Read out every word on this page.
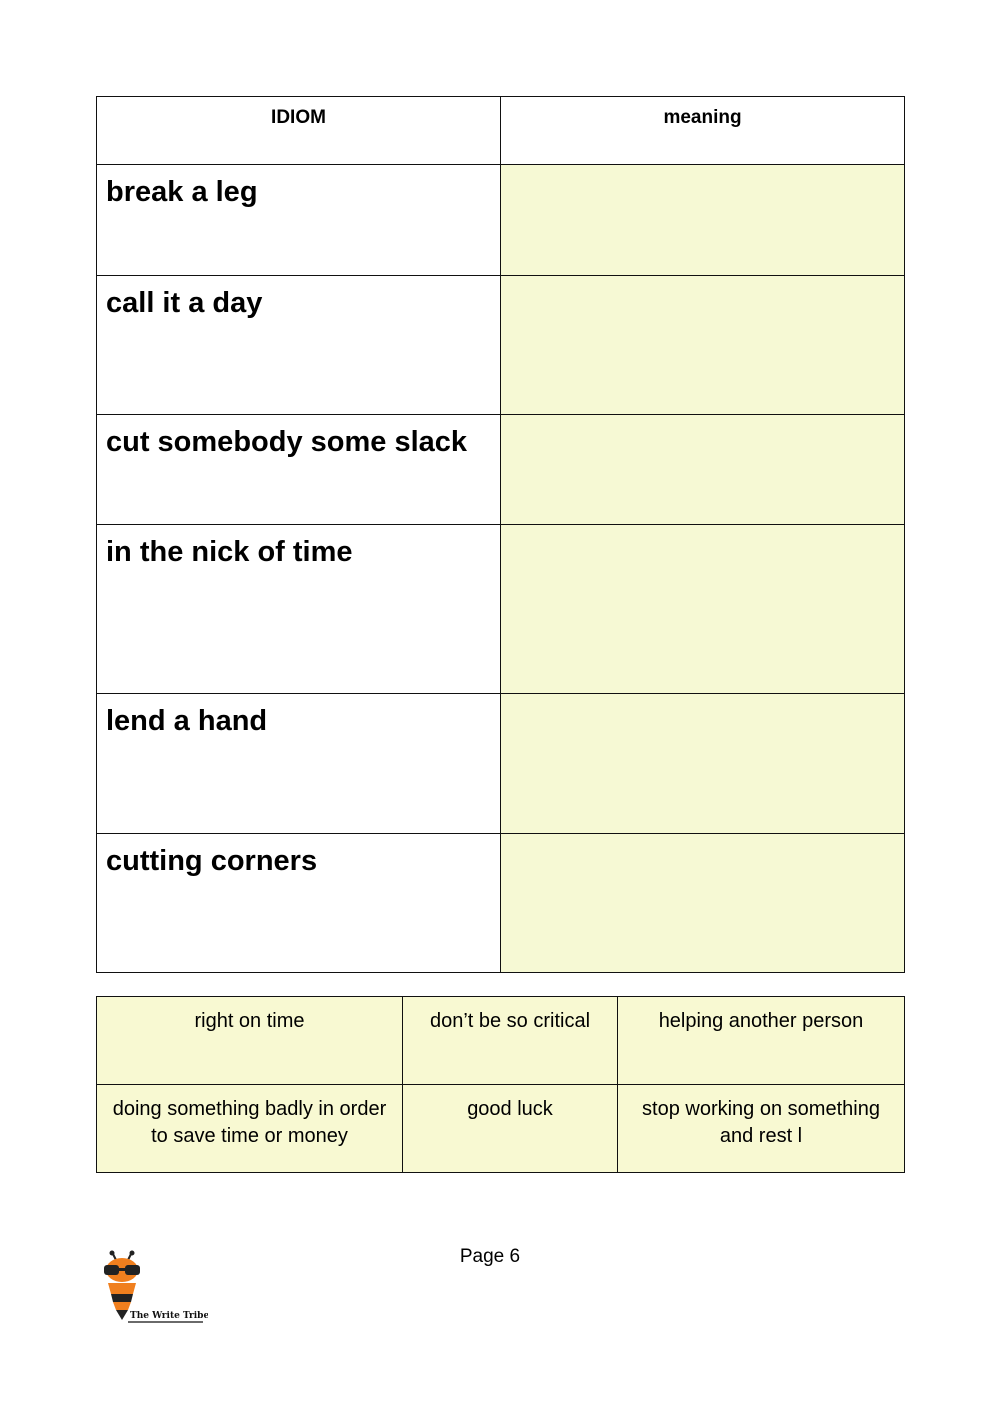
IDIOM	meaning
break a leg	
call it a day	
cut somebody some slack	
in the nick of time	
lend a hand	
cutting corners	
right on time	don’t be so critical	helping another person
doing something badly in order to save time or money	good luck	stop working on something and rest l
Page 6
The Write Tribe
